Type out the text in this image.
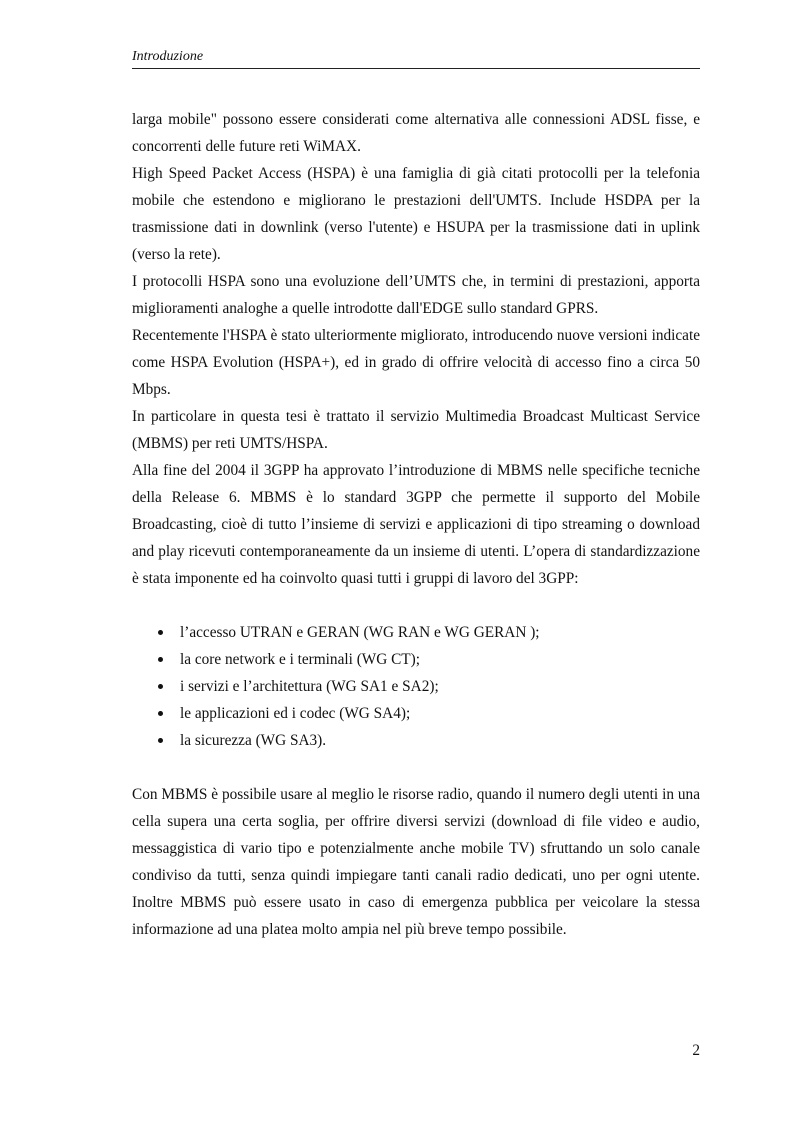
Introduzione

larga mobile" possono essere considerati come alternativa alle connessioni ADSL fisse, e concorrenti delle future reti WiMAX.

High Speed Packet Access (HSPA) è una famiglia di già citati protocolli per la telefonia mobile che estendono e migliorano le prestazioni dell'UMTS. Include HSDPA per la trasmissione dati in downlink (verso l'utente) e HSUPA per la trasmissione dati in uplink (verso la rete).

I protocolli HSPA sono una evoluzione dell’UMTS che, in termini di prestazioni, apporta miglioramenti analoghe a quelle introdotte dall'EDGE sullo standard GPRS.

Recentemente l'HSPA è stato ulteriormente migliorato, introducendo nuove versioni indicate come HSPA Evolution (HSPA+), ed in grado di offrire velocità di accesso fino a circa 50 Mbps.

In particolare in questa tesi è trattato il servizio Multimedia Broadcast Multicast Service (MBMS) per reti UMTS/HSPA.

Alla fine del 2004 il 3GPP ha approvato l’introduzione di MBMS nelle specifiche tecniche della Release 6. MBMS è lo standard 3GPP che permette il supporto del Mobile Broadcasting, cioè di tutto l’insieme di servizi e applicazioni di tipo streaming o download and play ricevuti contemporaneamente da un insieme di utenti. L’opera di standardizzazione è stata imponente ed ha coinvolto quasi tutti i gruppi di lavoro del 3GPP:

l’accesso UTRAN e GERAN (WG RAN e WG GERAN );
la core network e i terminali (WG CT);
i servizi e l’architettura (WG SA1 e SA2);
le applicazioni ed i codec (WG SA4);
la sicurezza (WG SA3).

Con MBMS è possibile usare al meglio le risorse radio, quando il numero degli utenti in una cella supera una certa soglia, per offrire diversi servizi (download di file video e audio, messaggistica di vario tipo e potenzialmente anche mobile TV) sfruttando un solo canale condiviso da tutti, senza quindi impiegare tanti canali radio dedicati, uno per ogni utente. Inoltre MBMS può essere usato in caso di emergenza pubblica per veicolare la stessa informazione ad una platea molto ampia nel più breve tempo possibile.

2
